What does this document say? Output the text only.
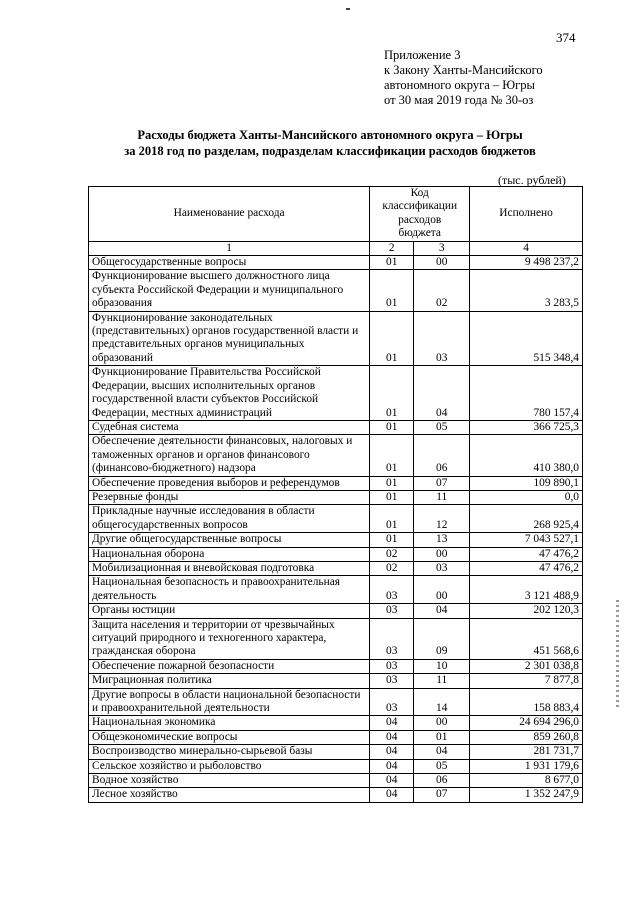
374
Приложение 3
к Закону Ханты-Мансийского
автономного округа – Югры
от 30 мая 2019 года № 30-оз
Расходы бюджета Ханты-Мансийского автономного округа – Югры
за 2018 год по разделам, подразделам классификации расходов бюджетов
(тыс. рублей)
Наименование расхода	Код классификации расходов бюджета		Исполнено
1	2	3	4
Общегосударственные вопросы	01	00	9 498 237,2
Функционирование высшего должностного лица субъекта Российской Федерации и муниципального образования	01	02	3 283,5
Функционирование законодательных (представительных) органов государственной власти и представительных органов муниципальных образований	01	03	515 348,4
Функционирование Правительства Российской Федерации, высших исполнительных органов государственной власти субъектов Российской Федерации, местных администраций	01	04	780 157,4
Судебная система	01	05	366 725,3
Обеспечение деятельности финансовых, налоговых и таможенных органов и органов финансового (финансово-бюджетного) надзора	01	06	410 380,0
Обеспечение проведения выборов и референдумов	01	07	109 890,1
Резервные фонды	01	11	0,0
Прикладные научные исследования в области общегосударственных вопросов	01	12	268 925,4
Другие общегосударственные вопросы	01	13	7 043 527,1
Национальная оборона	02	00	47 476,2
Мобилизационная и вневойсковая подготовка	02	03	47 476,2
Национальная безопасность и правоохранительная деятельность	03	00	3 121 488,9
Органы юстиции	03	04	202 120,3
Защита населения и территории от чрезвычайных ситуаций природного и техногенного характера, гражданская оборона	03	09	451 568,6
Обеспечение пожарной безопасности	03	10	2 301 038,8
Миграционная политика	03	11	7 877,8
Другие вопросы в области национальной безопасности и правоохранительной деятельности	03	14	158 883,4
Национальная экономика	04	00	24 694 296,0
Общеэкономические вопросы	04	01	859 260,8
Воспроизводство минерально-сырьевой базы	04	04	281 731,7
Сельское хозяйство и рыболовство	04	05	1 931 179,6
Водное хозяйство	04	06	8 677,0
Лесное хозяйство	04	07	1 352 247,9
